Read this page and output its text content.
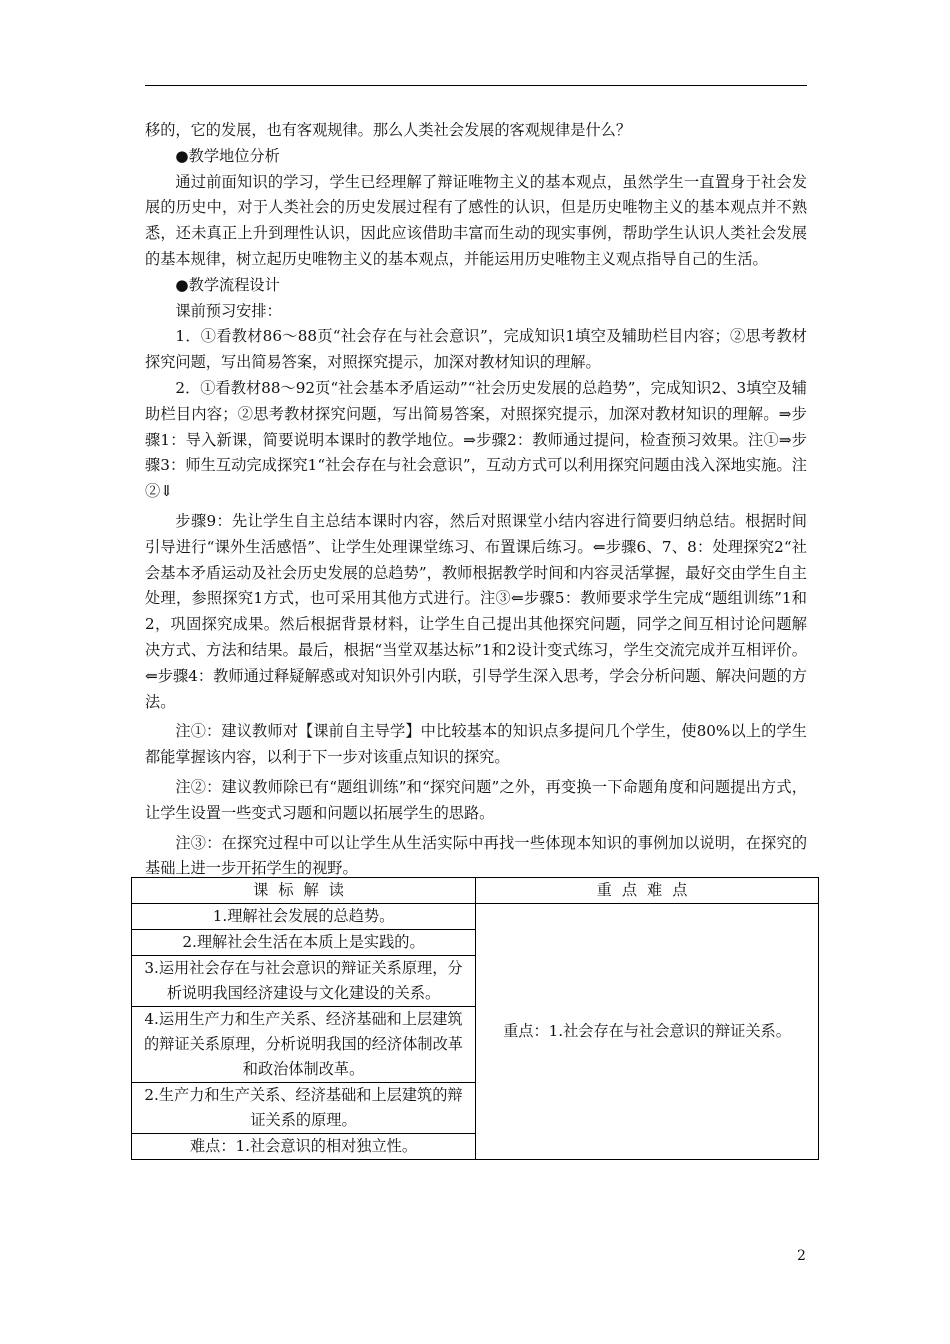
移的，它的发展，也有客观规律。那么人类社会发展的客观规律是什么？

●教学地位分析

通过前面知识的学习，学生已经理解了辩证唯物主义的基本观点，虽然学生一直置身于社会发展的历史中，对于人类社会的历史发展过程有了感性的认识，但是历史唯物主义的基本观点并不熟悉，还未真正上升到理性认识，因此应该借助丰富而生动的现实事例，帮助学生认识人类社会发展的基本规律，树立起历史唯物主义的基本观点，并能运用历史唯物主义观点指导自己的生活。

●教学流程设计

课前预习安排：

1．①看教材86～88页“社会存在与社会意识”，完成知识1填空及辅助栏目内容；②思考教材探究问题，写出简易答案，对照探究提示，加深对教材知识的理解。

2．①看教材88～92页“社会基本矛盾运动”“社会历史发展的总趋势”，完成知识2、3填空及辅助栏目内容；②思考教材探究问题，写出简易答案，对照探究提示，加深对教材知识的理解。⇒步骤1：导入新课，简要说明本课时的教学地位。⇒步骤2：教师通过提问，检查预习效果。注①⇒步骤3：师生互动完成探究1“社会存在与社会意识”，互动方式可以利用探究问题由浅入深地实施。注②⇓

步骤9：先让学生自主总结本课时内容，然后对照课堂小结内容进行简要归纳总结。根据时间引导进行“课外生活感悟”、让学生处理课堂练习、布置课后练习。⇐步骤6、7、8：处理探究2“社会基本矛盾运动及社会历史发展的总趋势”，教师根据教学时间和内容灵活掌握，最好交由学生自主处理，参照探究1方式，也可采用其他方式进行。注③⇐步骤5：教师要求学生完成“题组训练”1和2，巩固探究成果。然后根据背景材料，让学生自己提出其他探究问题，同学之间互相讨论问题解决方式、方法和结果。最后，根据“当堂双基达标”1和2设计变式练习，学生交流完成并互相评价。⇐步骤4：教师通过释疑解惑或对知识外引内联，引导学生深入思考，学会分析问题、解决问题的方法。

注①：建议教师对【课前自主导学】中比较基本的知识点多提问几个学生，使80%以上的学生都能掌握该内容，以利于下一步对该重点知识的探究。

注②：建议教师除已有“题组训练”和“探究问题”之外，再变换一下命题角度和问题提出方式，让学生设置一些变式习题和问题以拓展学生的思路。

注③：在探究过程中可以让学生从生活实际中再找一些体现本知识的事例加以说明，在探究的基础上进一步开拓学生的视野。

课标解读	重点难点
1.理解社会发展的总趋势。	重点：1.社会存在与社会意识的辩证关系。
2.理解社会生活在本质上是实践的。	
3.运用社会存在与社会意识的辩证关系原理，分析说明我国经济建设与文化建设的关系。	
4.运用生产力和生产关系、经济基础和上层建筑的辩证关系原理，分析说明我国的经济体制改革和政治体制改革。	
2.生产力和生产关系、经济基础和上层建筑的辩证关系的原理。	
难点：1.社会意识的相对独立性。	
2
